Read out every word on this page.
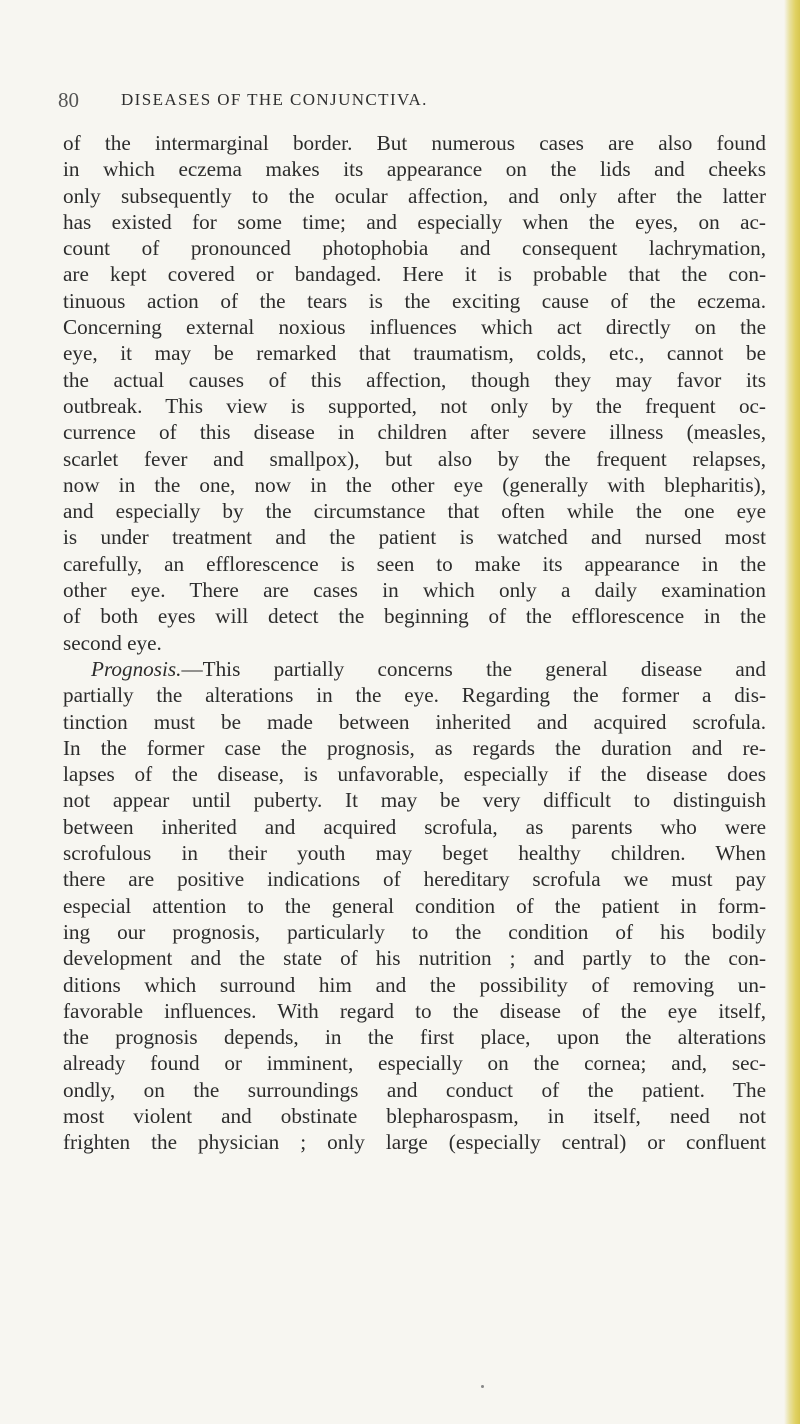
80 DISEASES OF THE CONJUNCTIVA.
of the intermarginal border. But numerous cases are also found
in which eczema makes its appearance on the lids and cheeks
only subsequently to the ocular affection, and only after the latter
has existed for some time; and especially when the eyes, on ac-
count of pronounced photophobia and consequent lachrymation,
are kept covered or bandaged. Here it is probable that the con-
tinuous action of the tears is the exciting cause of the eczema.
Concerning external noxious influences which act directly on the
eye, it may be remarked that traumatism, colds, etc., cannot be
the actual causes of this affection, though they may favor its
outbreak. This view is supported, not only by the frequent oc-
currence of this disease in children after severe illness (measles,
scarlet fever and smallpox), but also by the frequent relapses,
now in the one, now in the other eye (generally with blepharitis),
and especially by the circumstance that often while the one eye
is under treatment and the patient is watched and nursed most
carefully, an efflorescence is seen to make its appearance in the
other eye. There are cases in which only a daily examination
of both eyes will detect the beginning of the efflorescence in the
second eye.
Prognosis.—This partially concerns the general disease and
partially the alterations in the eye. Regarding the former a dis-
tinction must be made between inherited and acquired scrofula.
In the former case the prognosis, as regards the duration and re-
lapses of the disease, is unfavorable, especially if the disease does
not appear until puberty. It may be very difficult to distinguish
between inherited and acquired scrofula, as parents who were
scrofulous in their youth may beget healthy children. When
there are positive indications of hereditary scrofula we must pay
especial attention to the general condition of the patient in form-
ing our prognosis, particularly to the condition of his bodily
development and the state of his nutrition ; and partly to the con-
ditions which surround him and the possibility of removing un-
favorable influences. With regard to the disease of the eye itself,
the prognosis depends, in the first place, upon the alterations
already found or imminent, especially on the cornea; and, sec-
ondly, on the surroundings and conduct of the patient. The
most violent and obstinate blepharospasm, in itself, need not
frighten the physician ; only large (especially central) or confluent
